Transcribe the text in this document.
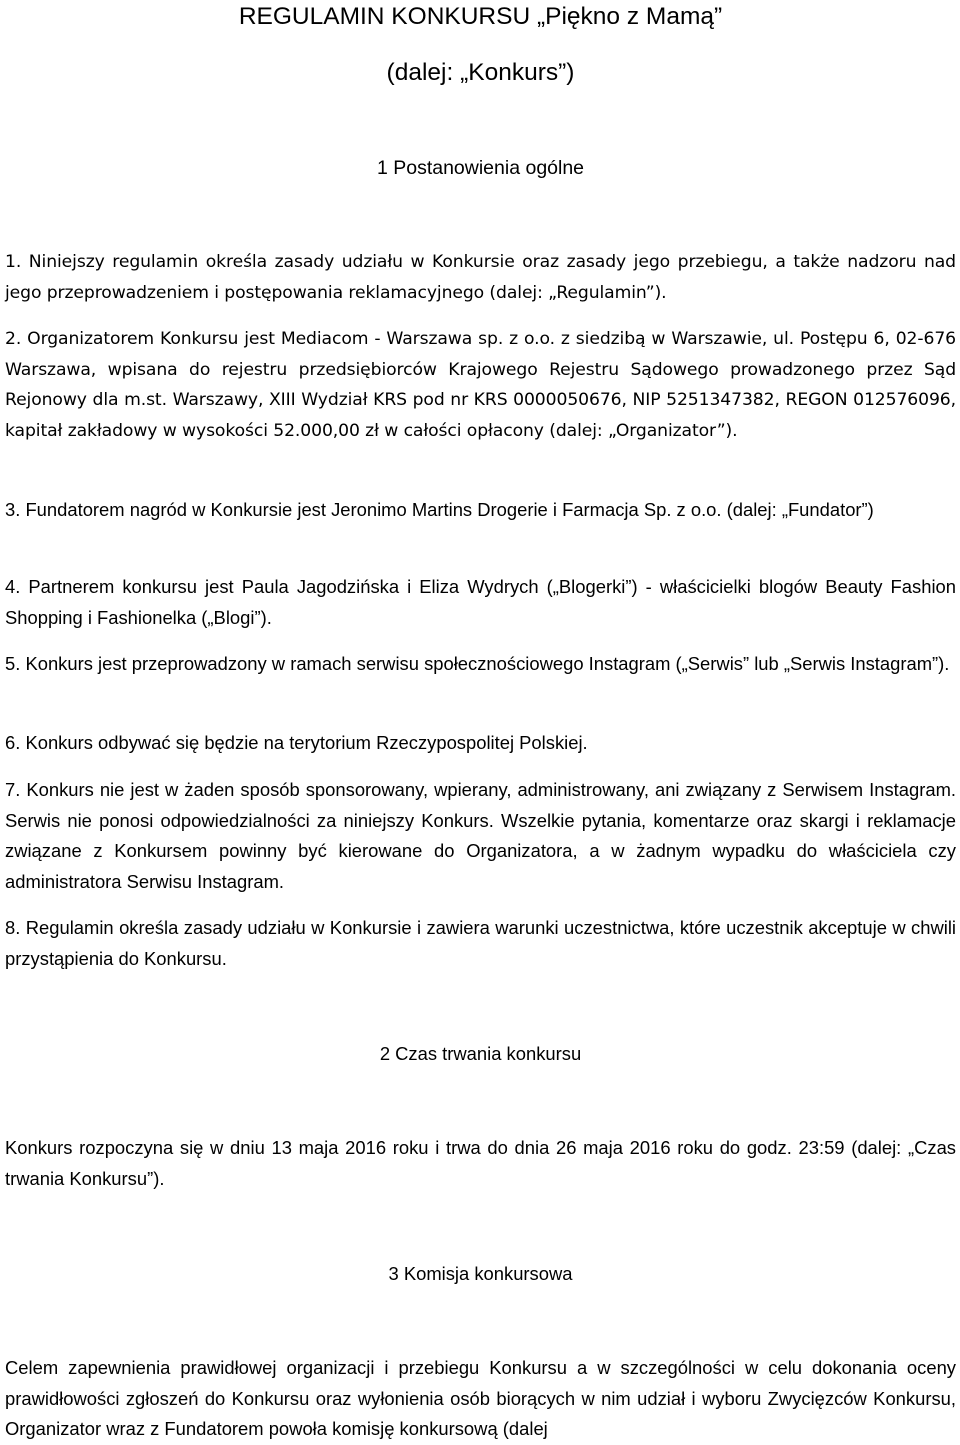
REGULAMIN KONKURSU „Piękno z Mamą”
(dalej: „Konkurs”)
1 Postanowienia ogólne
1. Niniejszy regulamin określa zasady udziału w Konkursie oraz zasady jego przebiegu, a także nadzoru nad jego przeprowadzeniem i postępowania reklamacyjnego (dalej: „Regulamin”).
2. Organizatorem Konkursu jest Mediacom - Warszawa sp. z o.o. z siedzibą w Warszawie, ul. Postępu 6, 02-676 Warszawa, wpisana do rejestru przedsiębiorców Krajowego Rejestru Sądowego prowadzonego przez Sąd Rejonowy dla m.st. Warszawy, XIII Wydział KRS pod nr KRS 0000050676, NIP 5251347382, REGON 012576096, kapitał zakładowy w wysokości 52.000,00 zł w całości opłacony (dalej: „Organizator”).
3. Fundatorem nagród w Konkursie jest Jeronimo Martins Drogerie i Farmacja Sp. z o.o. (dalej: „Fundator”)
4. Partnerem konkursu jest Paula Jagodzińska i Eliza Wydrych („Blogerki”) - właścicielki blogów Beauty Fashion Shopping i Fashionelka („Blogi”).
5. Konkurs jest przeprowadzony w ramach serwisu społecznościowego Instagram („Serwis” lub „Serwis Instagram”).
6. Konkurs odbywać się będzie na terytorium Rzeczypospolitej Polskiej.
7. Konkurs nie jest w żaden sposób sponsorowany, wpierany, administrowany, ani związany z Serwisem Instagram. Serwis nie ponosi odpowiedzialności za niniejszy Konkurs. Wszelkie pytania, komentarze oraz skargi i reklamacje związane z Konkursem powinny być kierowane do Organizatora, a w żadnym wypadku do właściciela czy administratora Serwisu Instagram.
8. Regulamin określa zasady udziału w Konkursie i zawiera warunki uczestnictwa, które uczestnik akceptuje w chwili przystąpienia do Konkursu.
2 Czas trwania konkursu
Konkurs rozpoczyna się w dniu 13 maja 2016 roku i trwa do dnia 26 maja 2016 roku do godz. 23:59 (dalej: „Czas trwania Konkursu”).
3 Komisja konkursowa
Celem zapewnienia prawidłowej organizacji i przebiegu Konkursu a w szczególności w celu dokonania oceny prawidłowości zgłoszeń do Konkursu oraz wyłonienia osób biorących w nim udział i wyboru Zwycięzców Konkursu, Organizator wraz z Fundatorem powoła komisję konkursową (dalej
